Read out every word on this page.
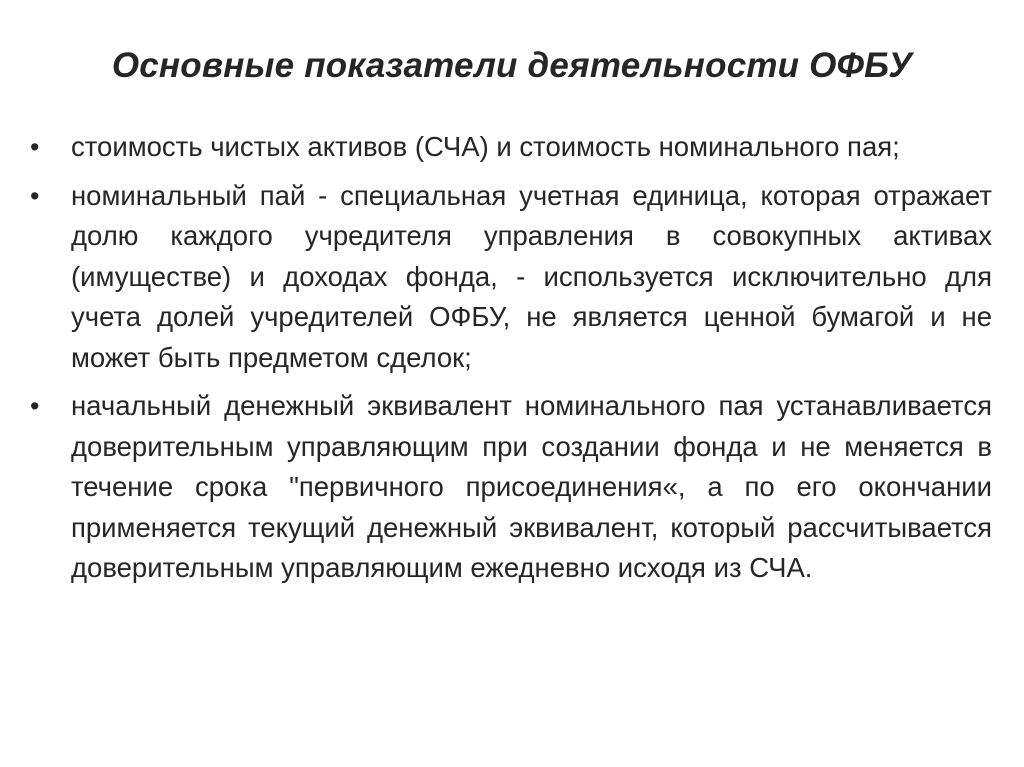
Основные показатели деятельности ОФБУ
•	стоимость чистых активов (СЧА) и стоимость номинального пая;
•	номинальный пай - специальная учетная единица, которая отражает долю каждого учредителя управления в совокупных активах (имуществе) и доходах фонда, - используется исключительно для учета долей учредителей ОФБУ, не является ценной бумагой и не может быть предметом сделок;
•	начальный денежный эквивалент номинального пая устанавливается доверительным управляющим при создании фонда и не меняется в течение срока "первичного присоединения«, а по его окончании применяется текущий денежный эквивалент, который рассчитывается доверительным управляющим ежедневно исходя из СЧА.
